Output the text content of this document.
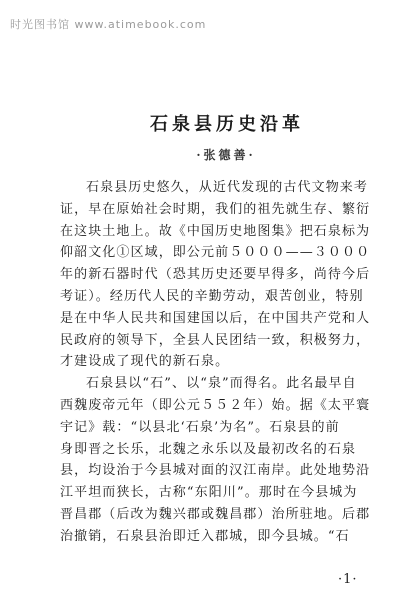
时光图书馆 www.atimebook.com
石泉县历史沿革
·张德善·

石泉县历史悠久，从近代发现的古代文物来考
证，早在原始社会时期，我们的祖先就生存、繁衍
在这块土地上。故《中国历史地图集》把石泉标为
仰韶文化①区域，即公元前５０００——３０００
年的新石器时代（恐其历史还要早得多，尚待今后
考证）。经历代人民的辛勤劳动，艰苦创业，特别
是在中华人民共和国建国以后，在中国共产党和人
民政府的领导下，全县人民团结一致，积极努力，
才建设成了现代的新石泉。

石泉县以“石”、以“泉”而得名。此名最早自
西魏废帝元年（即公元５５２年）始。据《太平寰
宇记》载：“以县北‘石泉’为名”。石泉县的前
身即晋之长乐，北魏之永乐以及最初改名的石泉
县，均设治于今县城对面的汉江南岸。此处地势沿
江平坦而狭长，古称“东阳川”。那时在今县城为
晋昌郡（后改为魏兴郡或魏昌郡）治所驻地。后郡
治撤销，石泉县治即迁入郡城，即今县城。“石

·1·
